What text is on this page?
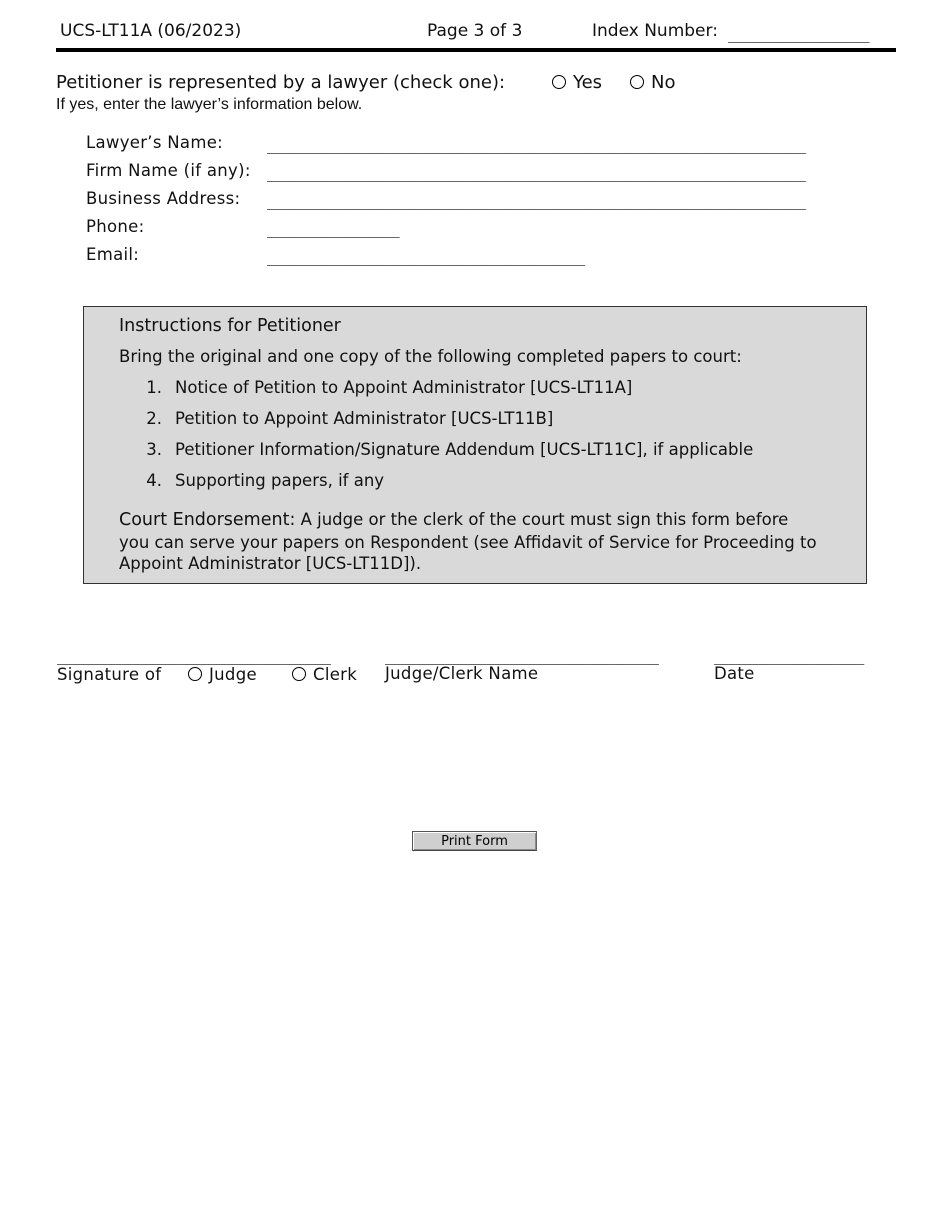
UCS-LT11A (06/2023)	Page 3 of 3	Index Number: ________________
Petitioner is represented by a lawyer (check one):	Yes	No
If yes, enter the lawyer’s information below.
Lawyer’s Name:	_____________________________________________________________
Firm Name (if any): _____________________________________________________________
Business Address: _____________________________________________________________
Phone:	_______________
Email:	____________________________________
Instructions for Petitioner
Bring the original and one copy of the following completed papers to court:
1. Notice of Petition to Appoint Administrator [UCS-LT11A]
2. Petition to Appoint Administrator [UCS-LT11B]
3. Petitioner Information/Signature Addendum [UCS-LT11C], if applicable
4. Supporting papers, if any
Court Endorsement: A judge or the clerk of the court must sign this form before you can serve your papers on Respondent (see Affidavit of Service for Proceeding to Appoint Administrator [UCS-LT11D]).
_______________________________	_______________________________	_________________
Signature of	Judge	Clerk Judge/Clerk Name	Date
Print Form
